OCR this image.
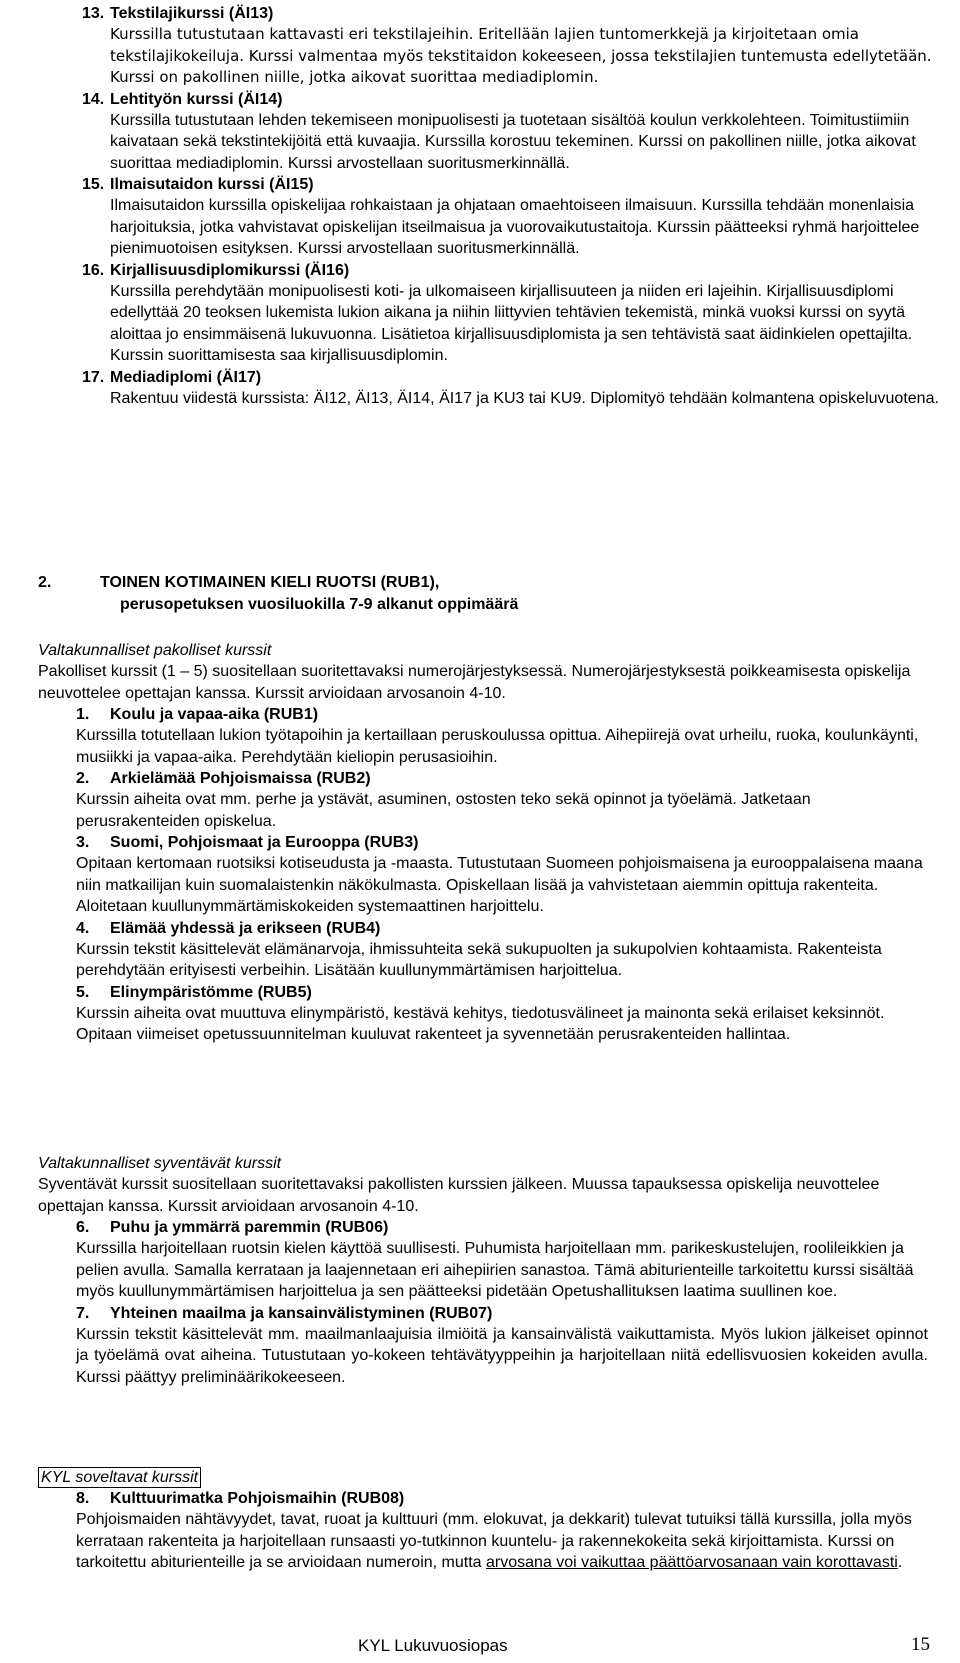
13. Tekstilajikurssi (ÄI13)

Kurssilla tutustutaan kattavasti eri tekstilajeihin. Eritellään lajien tuntomerkkejä ja kirjoitetaan omia tekstilajikokeiluja. Kurssi valmentaa myös tekstitaidon kokeeseen, jossa tekstilajien tuntemusta edellytetään. Kurssi on pakollinen niille, jotka aikovat suorittaa mediadiplomin.

14. Lehtityön kurssi (ÄI14)

Kurssilla tutustutaan lehden tekemiseen monipuolisesti ja tuotetaan sisältöä koulun verkkolehteen. Toimitustiimiin kaivataan sekä tekstintekijöitä että kuvaajia. Kurssilla korostuu tekeminen. Kurssi on pakollinen niille, jotka aikovat suorittaa mediadiplomin. Kurssi arvostellaan suoritusmerkinnällä.

15. Ilmaisutaidon kurssi (ÄI15)

Ilmaisutaidon kurssilla opiskelijaa rohkaistaan ja ohjataan omaehtoiseen ilmaisuun. Kurssilla tehdään monenlaisia harjoituksia, jotka vahvistavat opiskelijan itseilmaisua ja vuorovaikutustaitoja. Kurssin päätteeksi ryhmä harjoittelee pienimuotoisen esityksen. Kurssi arvostellaan suoritusmerkinnällä.

16. Kirjallisuusdiplomikurssi (ÄI16)

Kurssilla perehdytään monipuolisesti koti- ja ulkomaiseen kirjallisuuteen ja niiden eri lajeihin. Kirjallisuusdiplomi edellyttää 20 teoksen lukemista lukion aikana ja niihin liittyvien tehtävien tekemistä, minkä vuoksi kurssi on syytä aloittaa jo ensimmäisenä lukuvuonna. Lisätietoa kirjallisuusdiplomista ja sen tehtävistä saat äidinkielen opettajilta.

Kurssin suorittamisesta saa kirjallisuusdiplomin.

17. Mediadiplomi (ÄI17)

Rakentuu viidestä kurssista: ÄI12, ÄI13, ÄI14, ÄI17 ja KU3 tai KU9. Diplomityö tehdään kolmantena opiskeluvuotena.

2.	TOINEN KOTIMAINEN KIELI RUOTSI (RUB1),
perusopetuksen vuosiluokilla 7-9 alkanut oppimäärä

Valtakunnalliset pakolliset kurssit

Pakolliset kurssit (1 – 5) suositellaan suoritettavaksi numerojärjestyksessä. Numerojärjestyksestä poikkeamisesta opiskelija neuvottelee opettajan kanssa. Kurssit arvioidaan arvosanoin 4-10.

1. Koulu ja vapaa-aika (RUB1)

Kurssilla totutellaan lukion työtapoihin ja kertaillaan peruskoulussa opittua. Aihepiirejä ovat urheilu, ruoka, koulunkäynti, musiikki ja vapaa-aika. Perehdytään kieliopin perusasioihin.

2. Arkielämää Pohjoismaissa (RUB2)

Kurssin aiheita ovat mm. perhe ja ystävät, asuminen, ostosten teko sekä opinnot ja työelämä. Jatketaan perusrakenteiden opiskelua.

3. Suomi, Pohjoismaat ja Eurooppa (RUB3)

Opitaan kertomaan ruotsiksi kotiseudusta ja -maasta. Tutustutaan Suomeen pohjoismaisena ja eurooppalaisena maana niin matkailijan kuin suomalaistenkin näkökulmasta. Opiskellaan lisää ja vahvistetaan aiemmin opittuja rakenteita. Aloitetaan kuullunymmärtämiskokeiden systemaattinen harjoittelu.

4. Elämää yhdessä ja erikseen (RUB4)

Kurssin tekstit käsittelevät elämänarvoja, ihmissuhteita sekä sukupuolten ja sukupolvien kohtaamista. Rakenteista perehdytään erityisesti verbeihin. Lisätään kuullunymmärtämisen harjoittelua.

5. Elinympäristömme (RUB5)

Kurssin aiheita ovat muuttuva elinympäristö, kestävä kehitys, tiedotusvälineet ja mainonta sekä erilaiset keksinnöt. Opitaan viimeiset opetussuunnitelman kuuluvat rakenteet ja syvennetään perusrakenteiden hallintaa.

Valtakunnalliset syventävät kurssit

Syventävät kurssit suositellaan suoritettavaksi pakollisten kurssien jälkeen. Muussa tapauksessa opiskelija neuvottelee opettajan kanssa. Kurssit arvioidaan arvosanoin 4-10.

6. Puhu ja ymmärrä paremmin (RUB06)

Kurssilla harjoitellaan ruotsin kielen käyttöä suullisesti. Puhumista harjoitellaan mm. parikeskustelujen, roolileikkien ja pelien avulla. Samalla kerrataan ja laajennetaan eri aihepiirien sanastoa. Tämä abiturienteille tarkoitettu kurssi sisältää myös kuullunymmärtämisen harjoittelua ja sen päätteeksi pidetään Opetushallituksen laatima suullinen koe.

7. Yhteinen maailma ja kansainvälistyminen (RUB07)

Kurssin tekstit käsittelevät mm. maailmanlaajuisia ilmiöitä ja kansainvälistä vaikuttamista. Myös lukion jälkeiset opinnot ja työelämä ovat aiheina. Tutustutaan yo-kokeen tehtävätyyppeihin ja harjoitellaan niitä edellisvuosien kokeiden avulla. Kurssi päättyy preliminäärikokeeseen.

KYL soveltavat kurssit
8. Kulttuurimatka Pohjoismaihin (RUB08)

Pohjoismaiden nähtävyydet, tavat, ruoat ja kulttuuri (mm. elokuvat, ja dekkarit) tulevat tutuiksi tällä kurssilla, jolla myös kerrataan rakenteita ja harjoitellaan runsaasti yo-tutkinnon kuuntelu- ja rakennekokeita sekä kirjoittamista. Kurssi on tarkoitettu abiturienteille ja se arvioidaan numeroin, mutta arvosana voi vaikuttaa päättöarvosanaan vain korottavasti.

KYL Lukuvuosiopas	15
